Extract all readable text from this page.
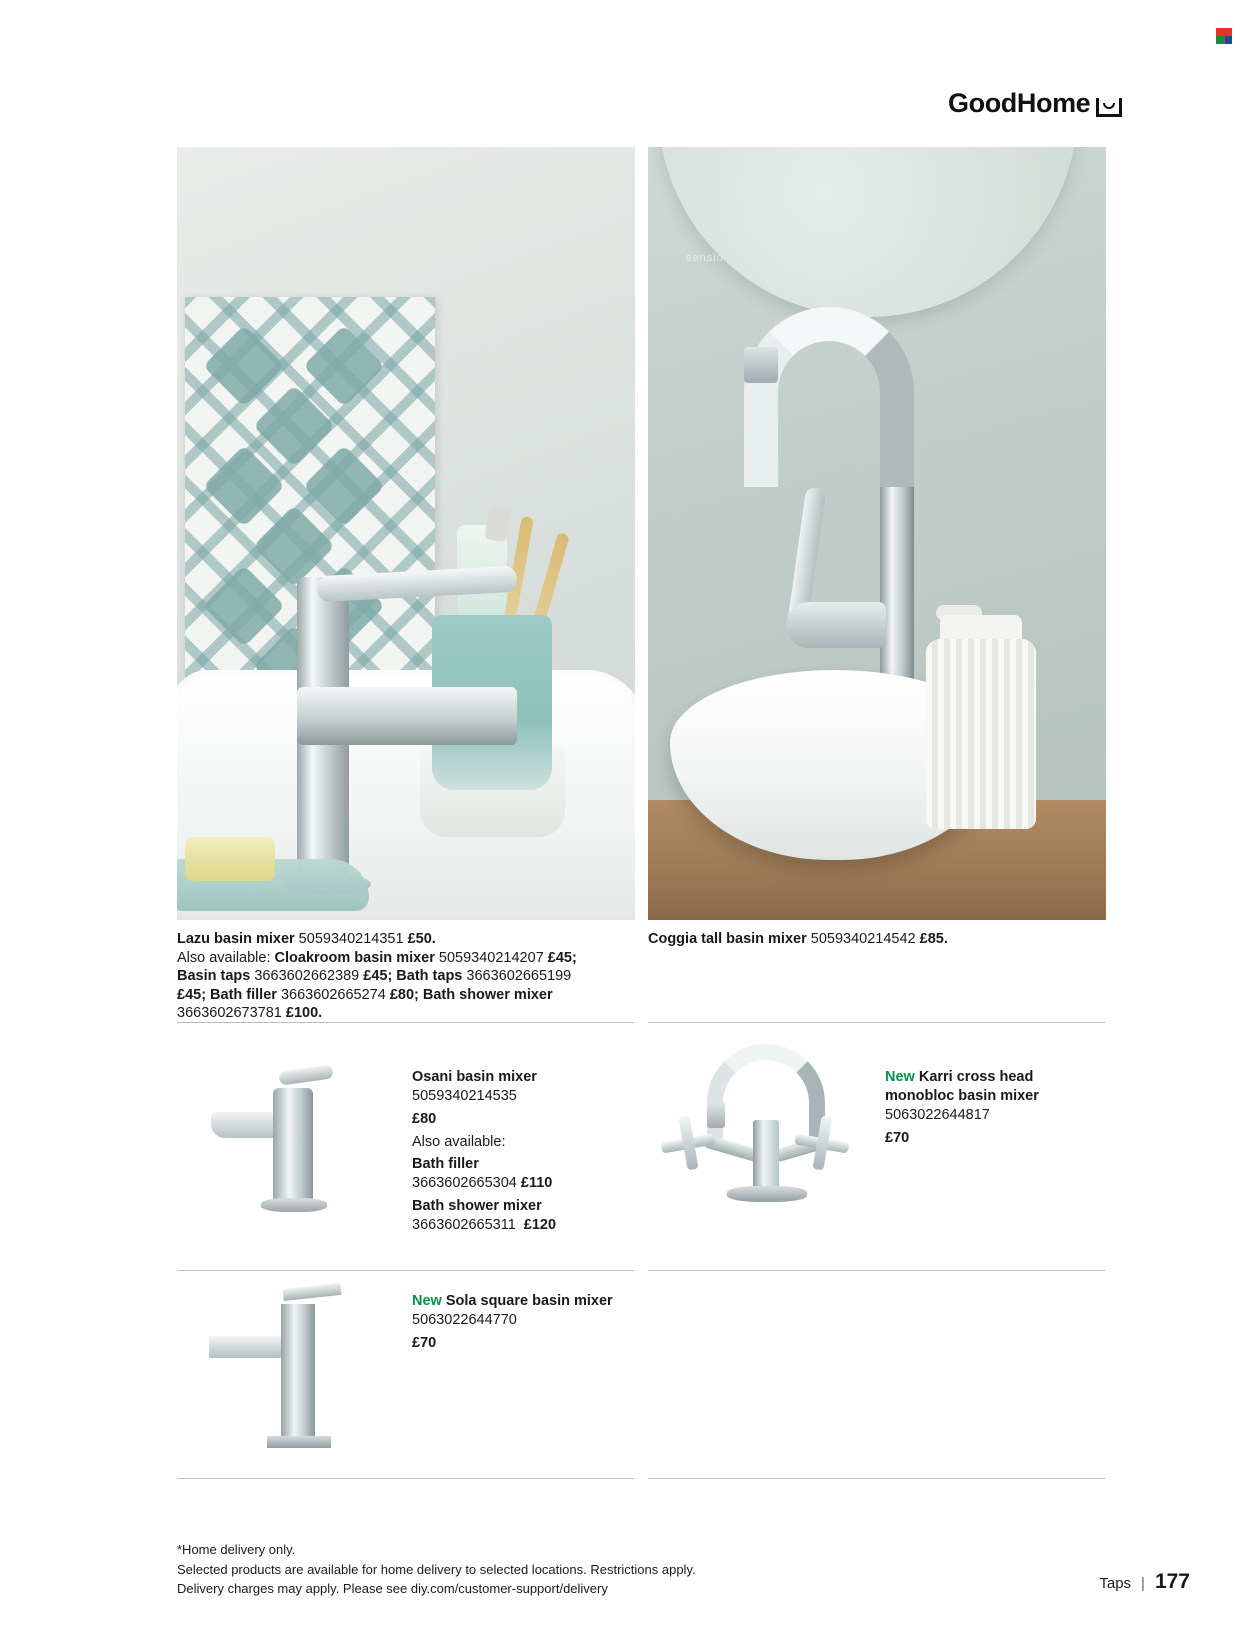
GoodHome
sensio
Lazu basin mixer 5059340214351 £50.
Also available: Cloakroom basin mixer 5059340214207 £45;
Basin taps 3663602662389 £45; Bath taps 3663602665199
£45; Bath filler 3663602665274 £80; Bath shower mixer
3663602673781 £100.
Coggia tall basin mixer 5059340214542 £85.
Osani basin mixer
5059340214535
£80
Also available:
Bath filler
3663602665304 £110
Bath shower mixer
3663602665311 £120
New Karri cross head monobloc basin mixer
5063022644817
£70
New Sola square basin mixer
5063022644770
£70
*Home delivery only.
Selected products are available for home delivery to selected locations. Restrictions apply.
Delivery charges may apply. Please see diy.com/customer-support/delivery	Taps | 177
